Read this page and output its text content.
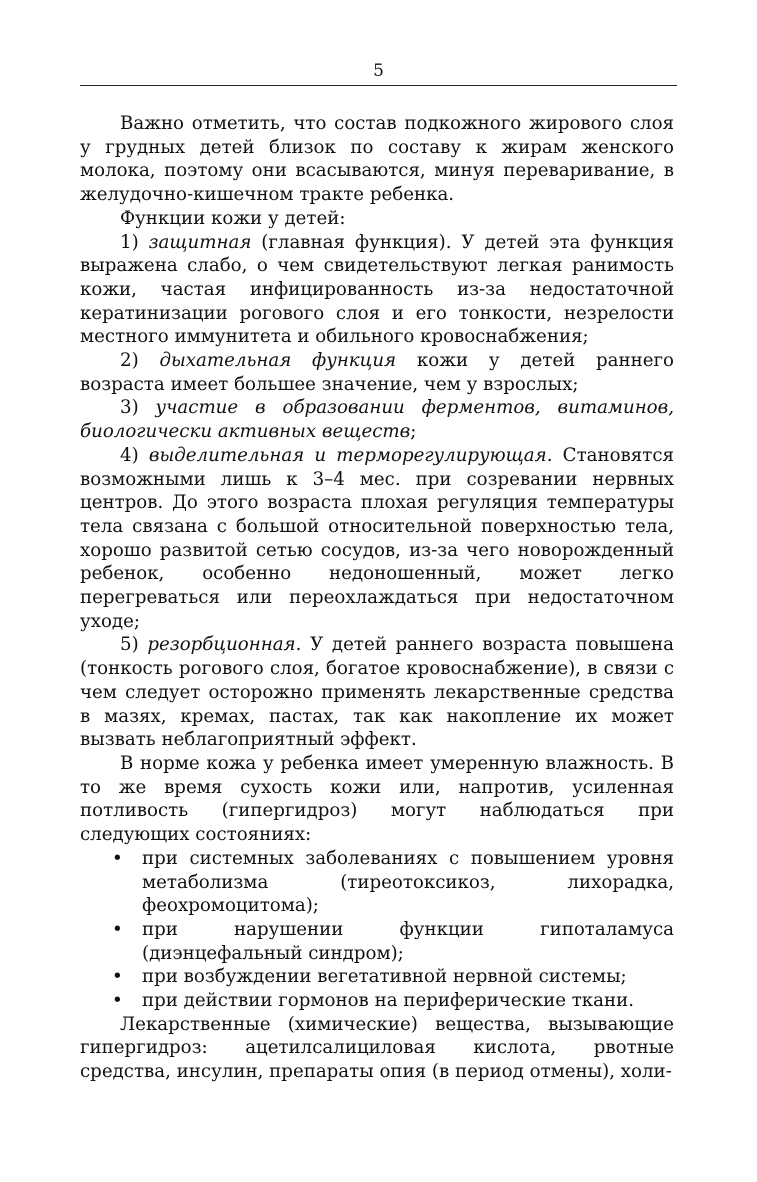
5

Важно отметить, что состав подкожного жирового слоя у грудных детей близок по составу к жирам женского молока, поэтому они всасываются, минуя переваривание, в желудочно-кишечном тракте ребенка.

Функции кожи у детей:

1) защитная (главная функция). У детей эта функция выражена слабо, о чем свидетельствуют легкая ранимость кожи, частая инфицированность из-за недостаточной кератинизации рогового слоя и его тонкости, незрелости местного иммунитета и обильного кровоснабжения;

2) дыхательная функция кожи у детей раннего возраста имеет большее значение, чем у взрослых;

3) участие в образовании ферментов, витаминов, биологически активных веществ;

4) выделительная и терморегулирующая. Становятся возможными лишь к 3–4 мес. при созревании нервных центров. До этого возраста плохая регуляция температуры тела связана с большой относительной поверхностью тела, хорошо развитой сетью сосудов, из-за чего новорожденный ребенок, особенно недоношенный, может легко перегреваться или переохлаждаться при недостаточном уходе;

5) резорбционная. У детей раннего возраста повышена (тонкость рогового слоя, богатое кровоснабжение), в связи с чем следует осторожно применять лекарственные средства в мазях, кремах, пастах, так как накопление их может вызвать неблагоприятный эффект.

В норме кожа у ребенка имеет умеренную влажность. В то же время сухость кожи или, напротив, усиленная потливость (гипергидроз) могут наблюдаться при следующих состояниях:

• при системных заболеваниях с повышением уровня метаболизма (тиреотоксикоз, лихорадка, феохромоцитома);
• при нарушении функции гипоталамуса (диэнцефальный синдром);
• при возбуждении вегетативной нервной системы;
• при действии гормонов на периферические ткани.

Лекарственные (химические) вещества, вызывающие гипергидроз: ацетилсалициловая кислота, рвотные средства, инсулин, препараты опия (в период отмены), холи-
